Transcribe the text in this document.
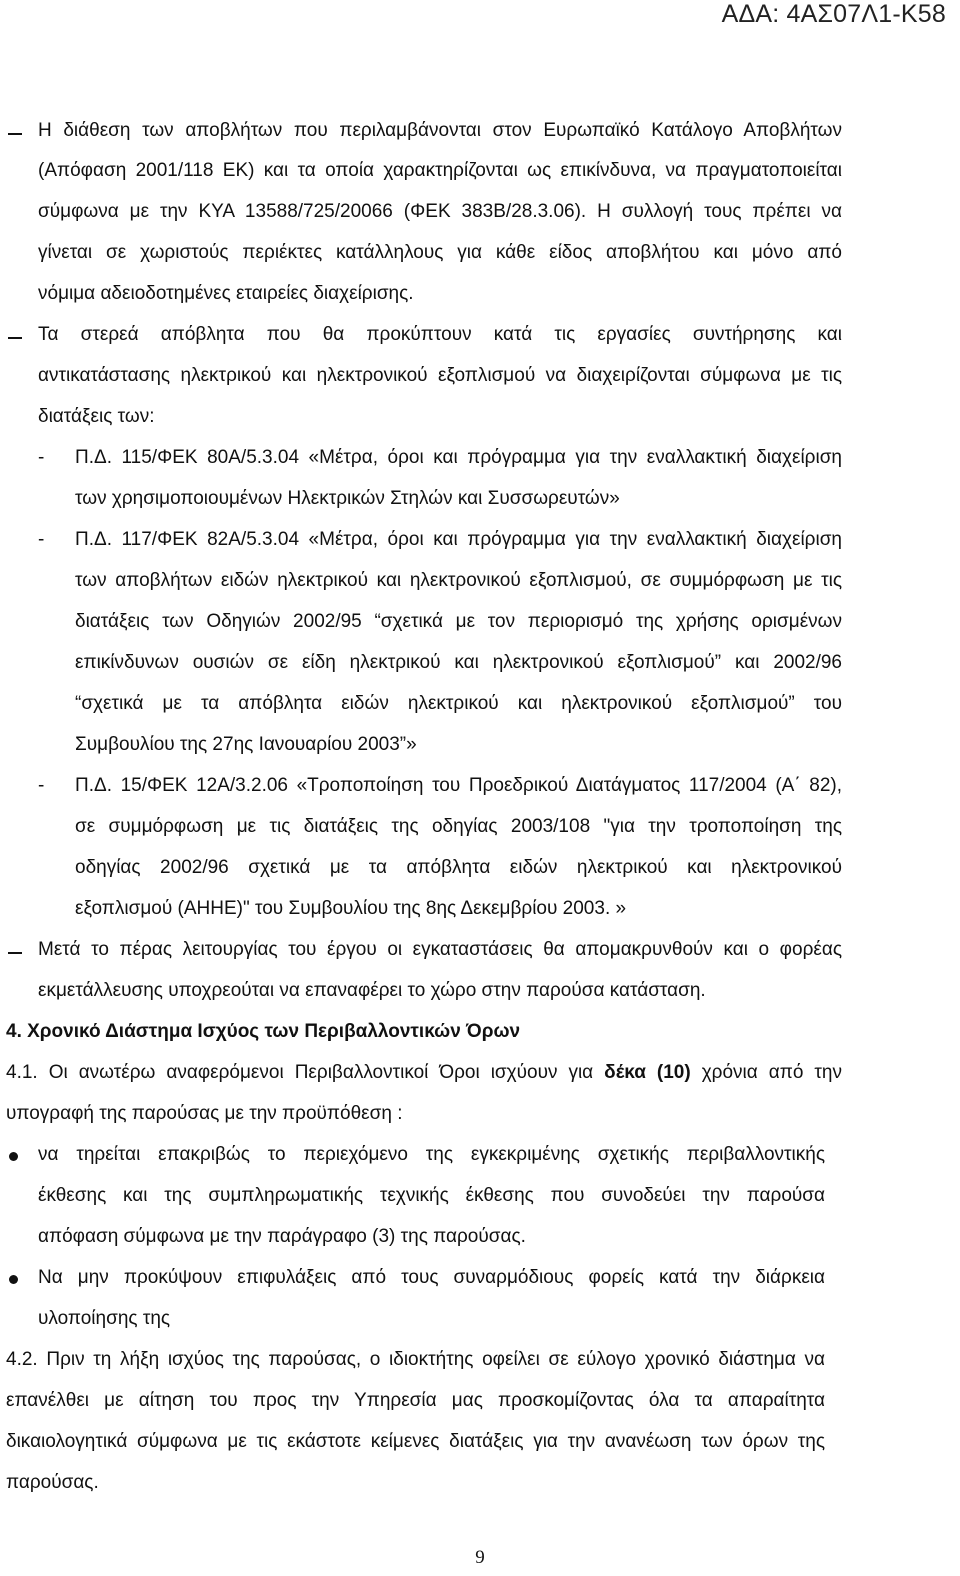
ΑΔΑ: 4ΑΣ07Λ1-Κ58
Η διάθεση των αποβλήτων που περιλαμβάνονται στον Ευρωπαϊκό Κατάλογο Αποβλήτων
(Απόφαση 2001/118 ΕΚ) και τα οποία χαρακτηρίζονται ως επικίνδυνα, να πραγματοποιείται
σύμφωνα με την ΚΥΑ 13588/725/20066 (ΦΕΚ 383Β/28.3.06). Η συλλογή τους πρέπει να
γίνεται σε χωριστούς περιέκτες κατάλληλους για κάθε είδος αποβλήτου και μόνο από
νόμιμα αδειοδοτημένες εταιρείες διαχείρισης.
Τα στερεά απόβλητα που θα προκύπτουν κατά τις εργασίες συντήρησης και
αντικατάστασης ηλεκτρικού και ηλεκτρονικού εξοπλισμού να διαχειρίζονται σύμφωνα με τις
διατάξεις των:
- Π.Δ. 115/ΦΕΚ 80Α/5.3.04 «Μέτρα, όροι και πρόγραμμα για την εναλλακτική διαχείριση
των χρησιμοποιουμένων Ηλεκτρικών Στηλών και Συσσωρευτών»
- Π.Δ. 117/ΦΕΚ 82Α/5.3.04 «Μέτρα, όροι και πρόγραμμα για την εναλλακτική διαχείριση
των αποβλήτων ειδών ηλεκτρικού και ηλεκτρονικού εξοπλισμού, σε συμμόρφωση με τις
διατάξεις των Οδηγιών 2002/95 “σχετικά με τον περιορισμό της χρήσης ορισμένων
επικίνδυνων ουσιών σε είδη ηλεκτρικού και ηλεκτρονικού εξοπλισμού” και 2002/96
“σχετικά με τα απόβλητα ειδών ηλεκτρικού και ηλεκτρονικού εξοπλισμού” του
Συμβουλίου της 27ης Ιανουαρίου 2003”»
- Π.Δ. 15/ΦΕΚ 12Α/3.2.06 «Τροποποίηση του Προεδρικού Διατάγματος 117/2004 (Α΄ 82),
σε συμμόρφωση με τις διατάξεις της οδηγίας 2003/108 "για την τροποποίηση της
οδηγίας 2002/96 σχετικά με τα απόβλητα ειδών ηλεκτρικού και ηλεκτρονικού
εξοπλισμού (ΑΗΗΕ)" του Συμβουλίου της 8ης Δεκεμβρίου 2003. »
Μετά το πέρας λειτουργίας του έργου οι εγκαταστάσεις θα απομακρυνθούν και ο φορέας
εκμετάλλευσης υποχρεούται να επαναφέρει το χώρο στην παρούσα κατάσταση.
4. Χρονικό Διάστημα Ισχύος των Περιβαλλοντικών Όρων
4.1. Οι ανωτέρω αναφερόμενοι Περιβαλλοντικοί Όροι ισχύουν για δέκα (10) χρόνια από την
υπογραφή της παρούσας με την προϋπόθεση :
να τηρείται επακριβώς το περιεχόμενο της εγκεκριμένης σχετικής περιβαλλοντικής
έκθεσης και της συμπληρωματικής τεχνικής έκθεσης που συνοδεύει την παρούσα
απόφαση σύμφωνα με την παράγραφο (3) της παρούσας.
Να μην προκύψουν επιφυλάξεις από τους συναρμόδιους φορείς κατά την διάρκεια
υλοποίησης της
4.2. Πριν τη λήξη ισχύος της παρούσας, ο ιδιοκτήτης οφείλει σε εύλογο χρονικό διάστημα να
επανέλθει με αίτηση του προς την Υπηρεσία μας προσκομίζοντας όλα τα απαραίτητα
δικαιολογητικά σύμφωνα με τις εκάστοτε κείμενες διατάξεις για την ανανέωση των όρων της
παρούσας.
9
